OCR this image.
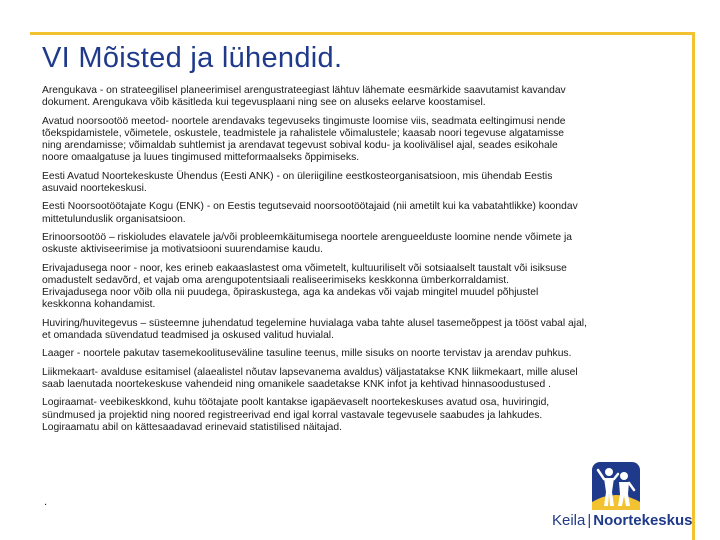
VI Mõisted ja lühendid.
Arengukava - on strateegilisel planeerimisel arengustrateegiast lähtuv lähemate eesmärkide saavutamist kavandav
dokument. Arengukava võib käsitleda kui tegevusplaani ning see on aluseks eelarve koostamisel.
Avatud noorsootöö meetod- noortele arendavaks tegevuseks tingimuste loomise viis, seadmata eeltingimusi nende
tõekspidamistele, võimetele, oskustele, teadmistele ja rahalistele võimalustele; kaasab noori tegevuse algatamisse
ning arendamisse; võimaldab suhtlemist ja arendavat tegevust sobival kodu- ja koolivälisel ajal, seades esikohale
noore omaalgatuse ja luues tingimused mitteformaalseks õppimiseks.
Eesti Avatud Noortekeskuste Ühendus (Eesti ANK) - on üleriigiline eestkosteorganisatsioon, mis ühendab Eestis
asuvaid noortekeskusi.
Eesti Noorsootöötajate Kogu (ENK) - on Eestis tegutsevaid noorsootöötajaid (nii ametilt kui ka vabatahtlikke) koondav
mittetulunduslik organisatsioon.
Erinoorsootöö – riskioludes elavatele ja/või probleemkäitumisega noortele arengueelduste loomine nende võimete ja
oskuste aktiviseerimise ja motivatsiooni suurendamise kaudu.
Erivajadusega noor - noor, kes erineb eakaaslastest oma võimetelt, kultuuriliselt või sotsiaalselt taustalt või isiksuse
omadustelt sedavõrd, et vajab oma arengupotentsiaali realiseerimiseks keskkonna ümberkorraldamist.
Erivajadusega noor võib olla nii puudega, õpiraskustega, aga ka andekas või vajab mingitel muudel põhjustel
keskkonna kohandamist.
Huviring/huvitegevus – süsteemne juhendatud tegelemine huvialaga vaba tahte alusel tasemeõppest ja tööst vabal ajal,
et omandada süvendatud teadmised ja oskused valitud huvialal.
Laager - noortele pakutav tasemekoolituseväline tasuline teenus, mille sisuks on noorte tervistav ja arendav puhkus.
Liikmekaart- avalduse esitamisel (alaealistel nõutav lapsevanema avaldus) väljastatakse KNK liikmekaart, mille alusel
saab laenutada noortekeskuse vahendeid ning omanikele saadetakse KNK infot ja kehtivad hinnasoodustused .
Logiraamat- veebikeskkond, kuhu töötajate poolt kantakse igapäevaselt noortekeskuses avatud osa, huviringid,
sündmused ja projektid ning noored registreerivad end igal korral vastavale tegevusele saabudes ja lahkudes.
Logiraamatu abil on kättesaadavad erinevaid statistilised näitajad.
.
Keila | Noortekeskus
